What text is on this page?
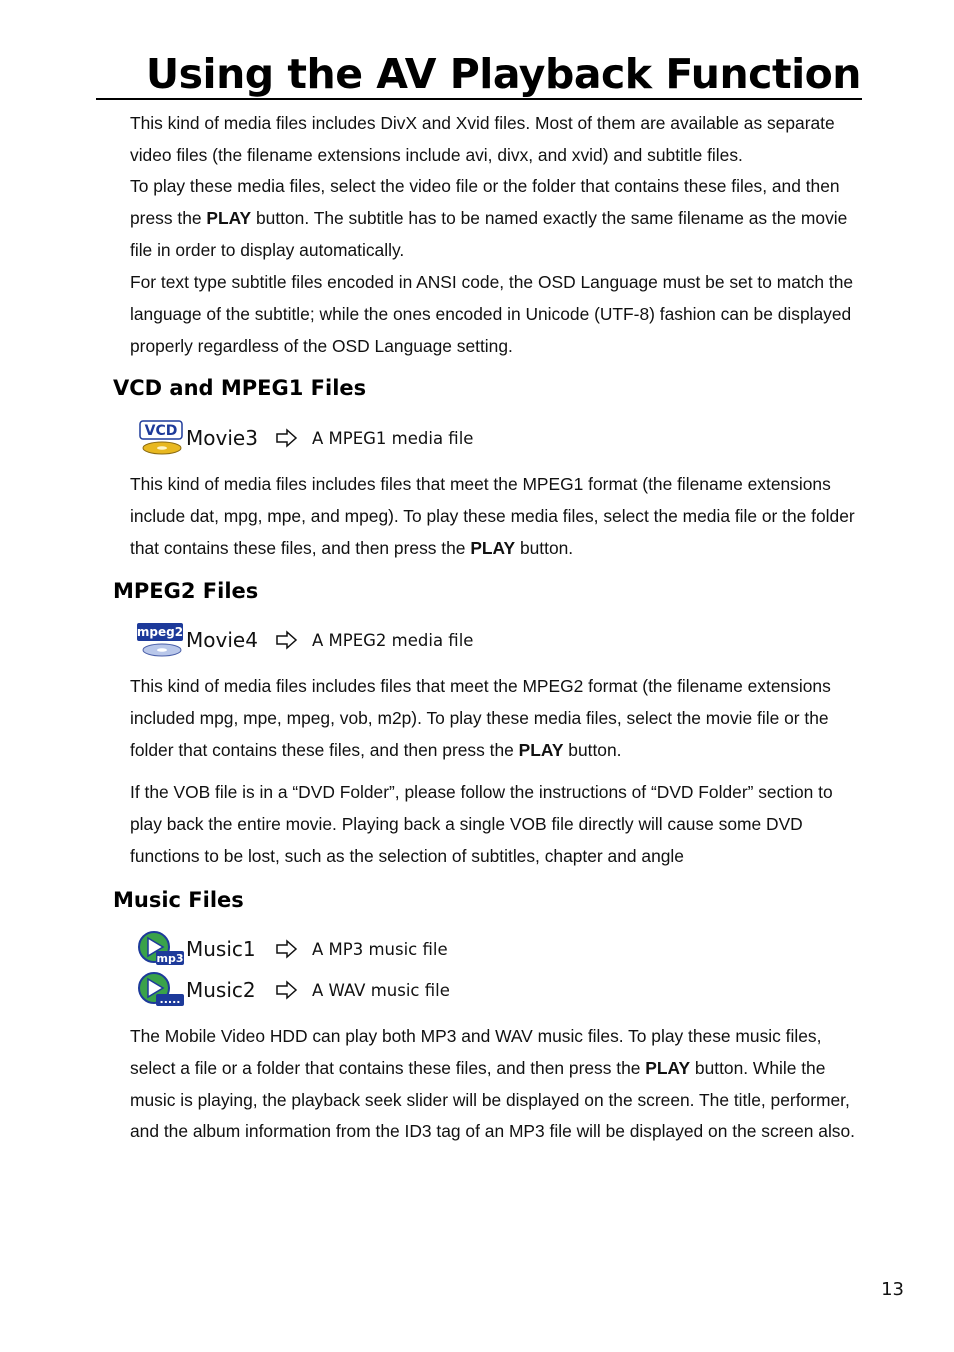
Using the AV Playback Function
This kind of media files includes DivX and Xvid files. Most of them are available as separate video files (the filename extensions include avi, divx, and xvid) and subtitle files.
To play these media files, select the video file or the folder that contains these files, and then press the PLAY button. The subtitle has to be named exactly the same filename as the movie file in order to display automatically.
For text type subtitle files encoded in ANSI code, the OSD Language must be set to match the language of the subtitle; while the ones encoded in Unicode (UTF-8) fashion can be displayed properly regardless of the OSD Language setting.
VCD and MPEG1 Files
VCD Movie3	A MPEG1 media file
This kind of media files includes files that meet the MPEG1 format (the filename extensions include dat, mpg, mpe, and mpeg). To play these media files, select the media file or the folder that contains these files, and then press the PLAY button.
MPEG2 Files
mpeg2 Movie4	A MPEG2 media file
This kind of media files includes files that meet the MPEG2 format (the filename extensions included mpg, mpe, mpeg, vob, m2p). To play these media files, select the movie file or the folder that contains these files, and then press the PLAY button.
If the VOB file is in a “DVD Folder”, please follow the instructions of “DVD Folder” section to play back the entire movie. Playing back a single VOB file directly will cause some DVD functions to be lost, such as the selection of subtitles, chapter and angle
Music Files
mp3 Music1	A MP3 music file
..... Music2	A WAV music file
The Mobile Video HDD can play both MP3 and WAV music files. To play these music files, select a file or a folder that contains these files, and then press the PLAY button. While the music is playing, the playback seek slider will be displayed on the screen. The title, performer, and the album information from the ID3 tag of an MP3 file will be displayed on the screen also.
13
